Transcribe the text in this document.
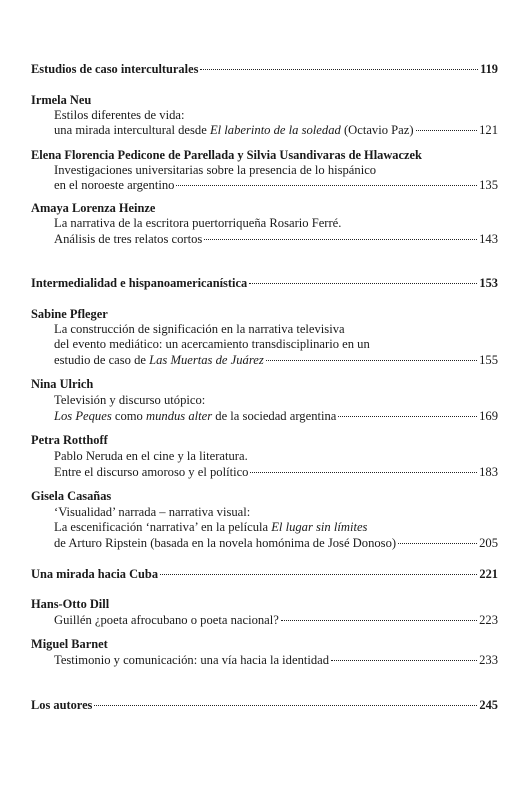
Estudios de caso interculturales	119
Irmela Neu
Estilos diferentes de vida:
una mirada intercultural desde El laberinto de la soledad (Octavio Paz)	121
Elena Florencia Pedicone de Parellada y Silvia Usandivaras de Hlawaczek
Investigaciones universitarias sobre la presencia de lo hispánico
en el noroeste argentino	135
Amaya Lorenza Heinze
La narrativa de la escritora puertorriqueña Rosario Ferré.
Análisis de tres relatos cortos	143
Intermedialidad e hispanoamericanística	153
Sabine Pfleger
La construcción de significación en la narrativa televisiva
del evento mediático: un acercamiento transdisciplinario en un
estudio de caso de Las Muertas de Juárez	155
Nina Ulrich
Televisión y discurso utópico:
Los Peques como mundus alter de la sociedad argentina	169
Petra Rotthoff
Pablo Neruda en el cine y la literatura.
Entre el discurso amoroso y el político	183
Gisela Casañas
‘Visualidad’ narrada – narrativa visual:
La escenificación ‘narrativa’ en la película El lugar sin límites
de Arturo Ripstein (basada en la novela homónima de José Donoso)	205
Una mirada hacia Cuba	221
Hans-Otto Dill
Guillén ¿poeta afrocubano o poeta nacional?	223
Miguel Barnet
Testimonio y comunicación: una vía hacia la identidad	233
Los autores	245
